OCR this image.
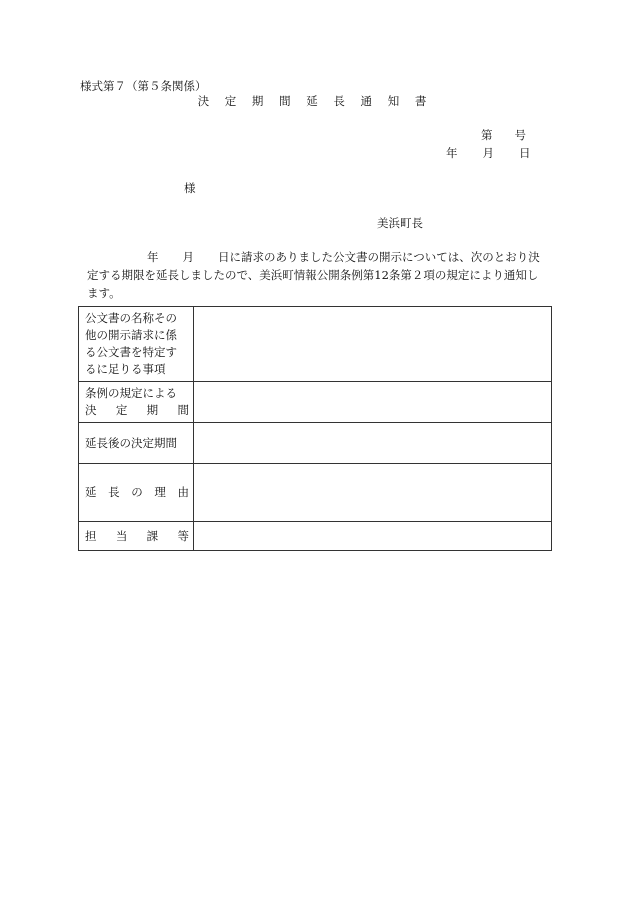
様式第７（第５条関係）
決 定 期 間 延 長 通 知 書
第 号
年 月 日
様
美浜町長
年 月 日に請求のありました公文書の開示については、次のとおり決
定する期限を延長しましたので、美浜町情報公開条例第12条第２項の規定により通知し
ます。
公文書の名称その
他の開示請求に係
る公文書を特定す
るに足りる事項	

条例の規定による
決 定 期 間	

延長後の決定期間	

延 長 の 理 由	

担 当 課 等	
